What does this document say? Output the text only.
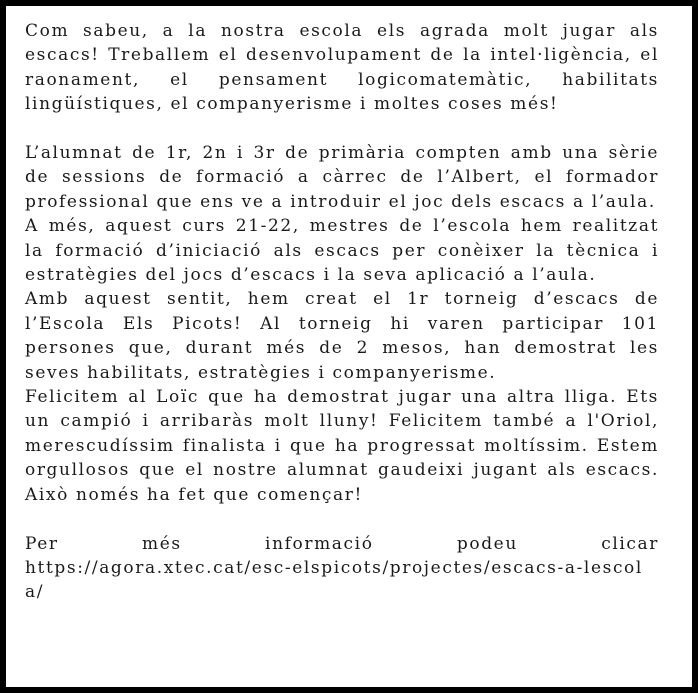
Com sabeu, a la nostra escola els agrada molt jugar als escacs! Treballem el desenvolupament de la intel·ligència, el raonament, el pensament logicomatemàtic, habilitats lingüístiques, el companyerisme i moltes coses més!

L’alumnat de 1r, 2n i 3r de primària compten amb una sèrie de sessions de formació a càrrec de l’Albert, el formador professional que ens ve a introduir el joc dels escacs a l’aula.

A més, aquest curs 21-22, mestres de l’escola hem realitzat la formació d’iniciació als escacs per conèixer la tècnica i estratègies del jocs d’escacs i la seva aplicació a l’aula.

Amb aquest sentit, hem creat el 1r torneig d’escacs de l’Escola Els Picots! Al torneig hi varen participar 101 persones que, durant més de 2 mesos, han demostrat les seves habilitats, estratègies i companyerisme.

Felicitem al Loïc que ha demostrat jugar una altra lliga. Ets un campió i arribaràs molt lluny! Felicitem també a l'Oriol, merescudíssim finalista i que ha progressat moltíssim. Estem orgullosos que el nostre alumnat gaudeixi jugant als escacs. Això només ha fet que començar!

Per més informació podeu clicar

https://agora.xtec.cat/esc-elspicots/projectes/escacs-a-lescola/
